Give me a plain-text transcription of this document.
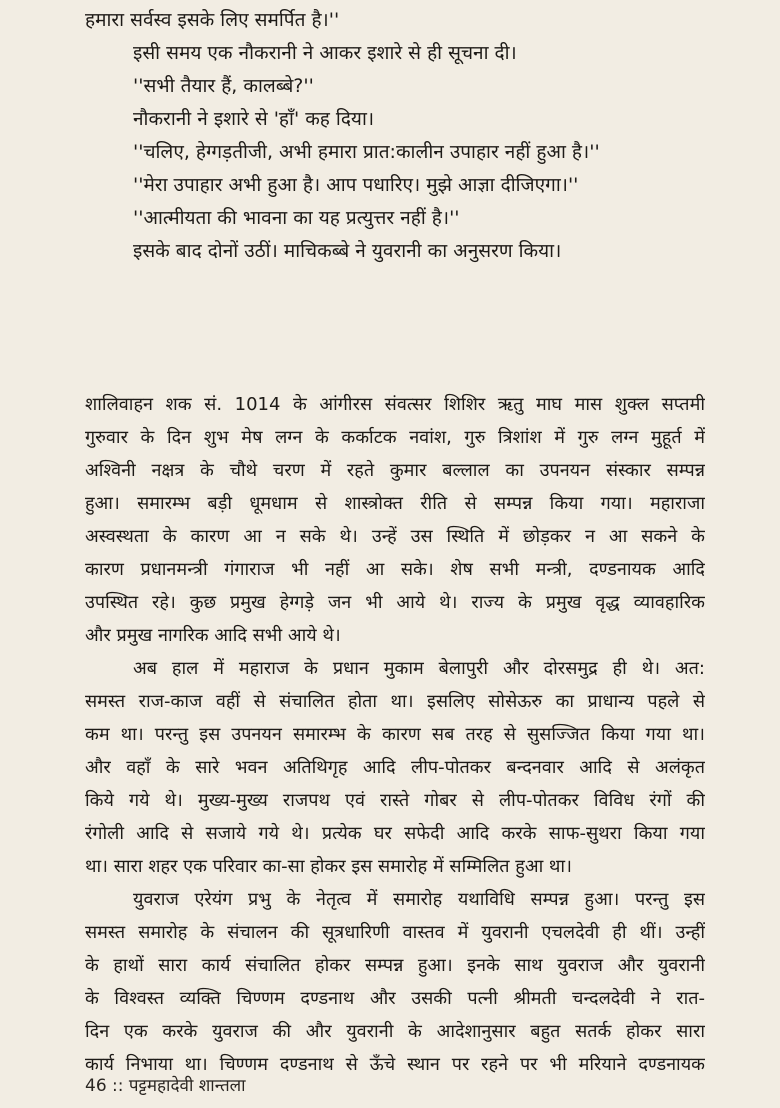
हमारा सर्वस्व इसके लिए समर्पित है।''
इसी समय एक नौकरानी ने आकर इशारे से ही सूचना दी।
''सभी तैयार हैं, कालब्बे?''
नौकरानी ने इशारे से 'हाँ' कह दिया।
''चलिए, हेग्गड़तीजी, अभी हमारा प्रात:कालीन उपाहार नहीं हुआ है।''
''मेरा उपाहार अभी हुआ है। आप पधारिए। मुझे आज्ञा दीजिएगा।''
''आत्मीयता की भावना का यह प्रत्युत्तर नहीं है।''
इसके बाद दोनों उठीं। माचिकब्बे ने युवरानी का अनुसरण किया।
शालिवाहन शक सं. 1014 के आंगीरस संवत्सर शिशिर ऋतु माघ मास शुक्ल सप्तमी
गुरुवार के दिन शुभ मेष लग्न के कर्काटक नवांश, गुरु त्रिशांश में गुरु लग्न मुहूर्त में
अश्विनी नक्षत्र के चौथे चरण में रहते कुमार बल्लाल का उपनयन संस्कार सम्पन्न
हुआ। समारम्भ बड़ी धूमधाम से शास्त्रोक्त रीति से सम्पन्न किया गया। महाराजा
अस्वस्थता के कारण आ न सके थे। उन्हें उस स्थिति में छोड़कर न आ सकने के
कारण प्रधानमन्त्री गंगाराज भी नहीं आ सके। शेष सभी मन्त्री, दण्डनायक आदि
उपस्थित रहे। कुछ प्रमुख हेग्गड़े जन भी आये थे। राज्य के प्रमुख वृद्ध व्यावहारिक
और प्रमुख नागरिक आदि सभी आये थे।
अब हाल में महाराज के प्रधान मुकाम बेलापुरी और दोरसमुद्र ही थे। अत:
समस्त राज-काज वहीं से संचालित होता था। इसलिए सोसेऊरु का प्राधान्य पहले से
कम था। परन्तु इस उपनयन समारम्भ के कारण सब तरह से सुसज्जित किया गया था।
और वहाँ के सारे भवन अतिथिगृह आदि लीप-पोतकर बन्दनवार आदि से अलंकृत
किये गये थे। मुख्य-मुख्य राजपथ एवं रास्ते गोबर से लीप-पोतकर विविध रंगों की
रंगोली आदि से सजाये गये थे। प्रत्येक घर सफेदी आदि करके साफ-सुथरा किया गया
था। सारा शहर एक परिवार का-सा होकर इस समारोह में सम्मिलित हुआ था।
युवराज एरेयंग प्रभु के नेतृत्व में समारोह यथाविधि सम्पन्न हुआ। परन्तु इस
समस्त समारोह के संचालन की सूत्रधारिणी वास्तव में युवरानी एचलदेवी ही थीं। उन्हीं
के हाथों सारा कार्य संचालित होकर सम्पन्न हुआ। इनके साथ युवराज और युवरानी
के विश्वस्त व्यक्ति चिण्णम दण्डनाथ और उसकी पत्नी श्रीमती चन्दलदेवी ने रात-
दिन एक करके युवराज की और युवरानी के आदेशानुसार बहुत सतर्क होकर सारा
कार्य निभाया था। चिण्णम दण्डनाथ से ऊँचे स्थान पर रहने पर भी मरियाने दण्डनायक
46 :: पट्टमहादेवी शान्तला
